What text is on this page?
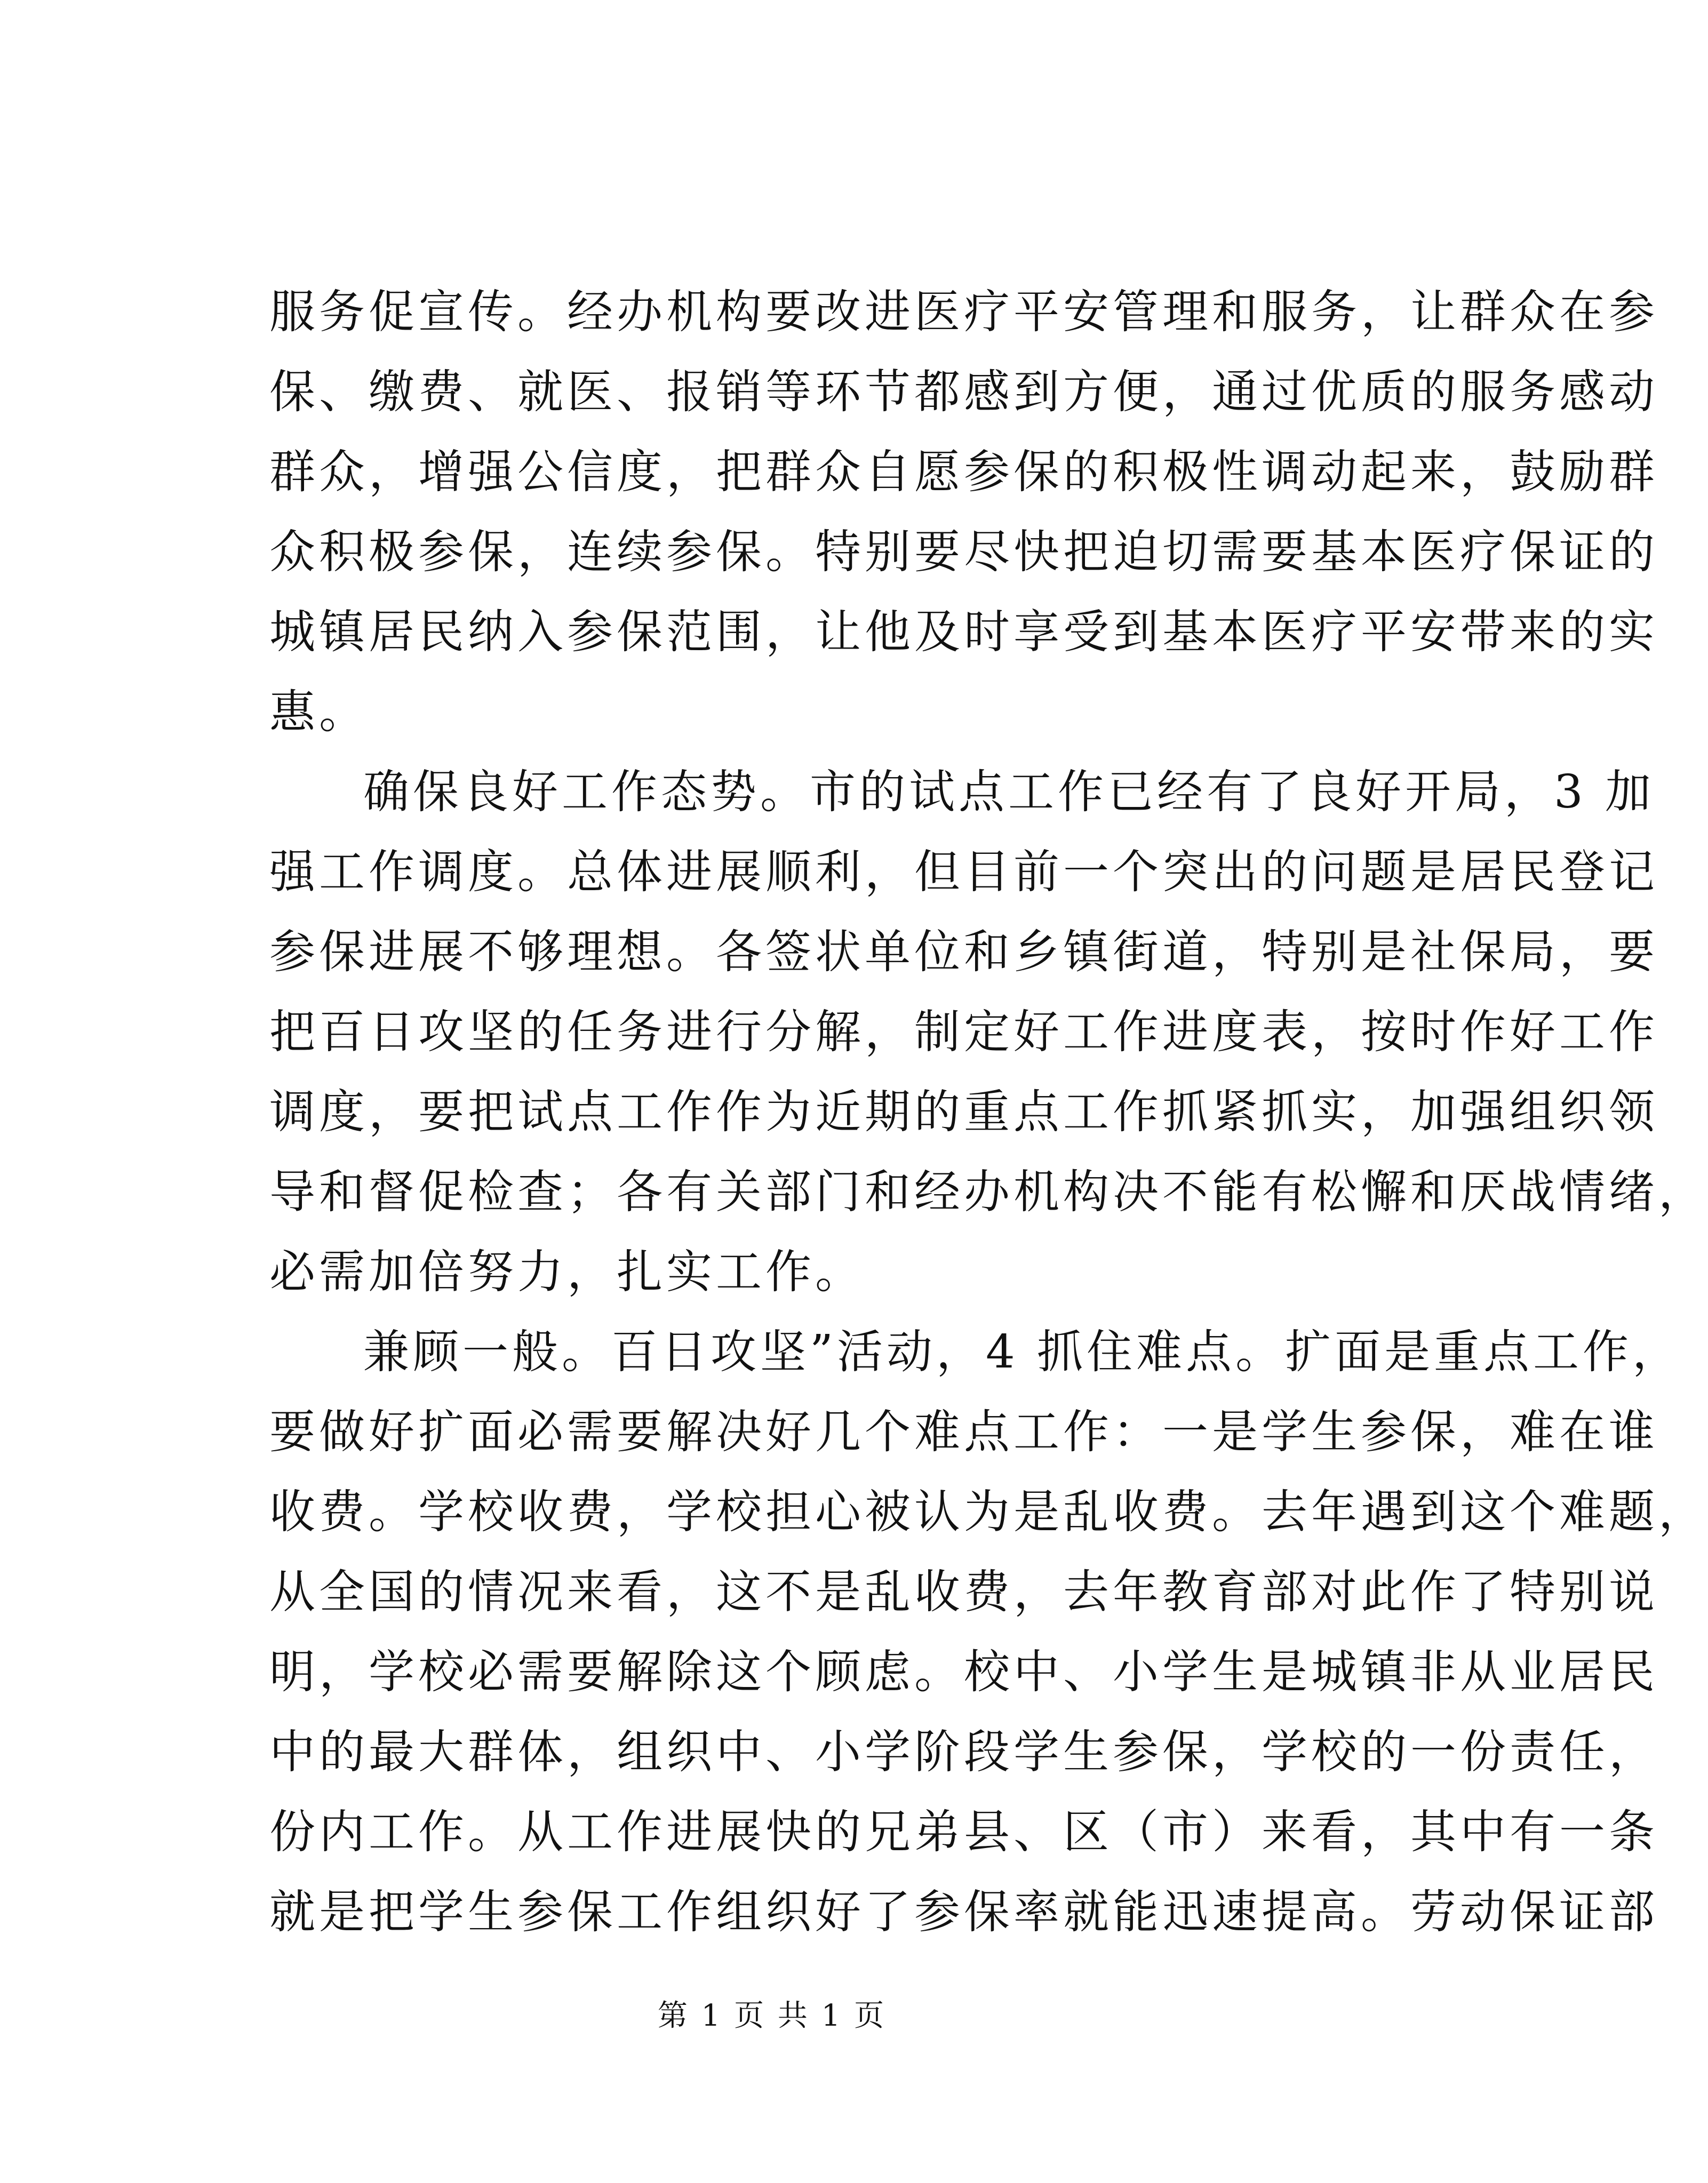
服务促宣传。经办机构要改进医疗平安管理和服务，让群众在参
保、缴费、就医、报销等环节都感到方便，通过优质的服务感动
群众，增强公信度，把群众自愿参保的积极性调动起来，鼓励群
众积极参保，连续参保。特别要尽快把迫切需要基本医疗保证的
城镇居民纳入参保范围，让他及时享受到基本医疗平安带来的实
惠。
确保良好工作态势。市的试点工作已经有了良好开局，3 加
强工作调度。总体进展顺利，但目前一个突出的问题是居民登记
参保进展不够理想。各签状单位和乡镇街道，特别是社保局，要
把百日攻坚的任务进行分解，制定好工作进度表，按时作好工作
调度，要把试点工作作为近期的重点工作抓紧抓实，加强组织领
导和督促检查；各有关部门和经办机构决不能有松懈和厌战情绪，
必需加倍努力，扎实工作。
兼顾一般。百日攻坚”活动，4 抓住难点。扩面是重点工作，
要做好扩面必需要解决好几个难点工作：一是学生参保，难在谁
收费。学校收费，学校担心被认为是乱收费。去年遇到这个难题，
从全国的情况来看，这不是乱收费，去年教育部对此作了特别说
明，学校必需要解除这个顾虑。校中、小学生是城镇非从业居民
中的最大群体，组织中、小学阶段学生参保，学校的一份责任，
份内工作。从工作进展快的兄弟县、区（市）来看，其中有一条
就是把学生参保工作组织好了参保率就能迅速提高。劳动保证部
第 1 页 共 1 页
